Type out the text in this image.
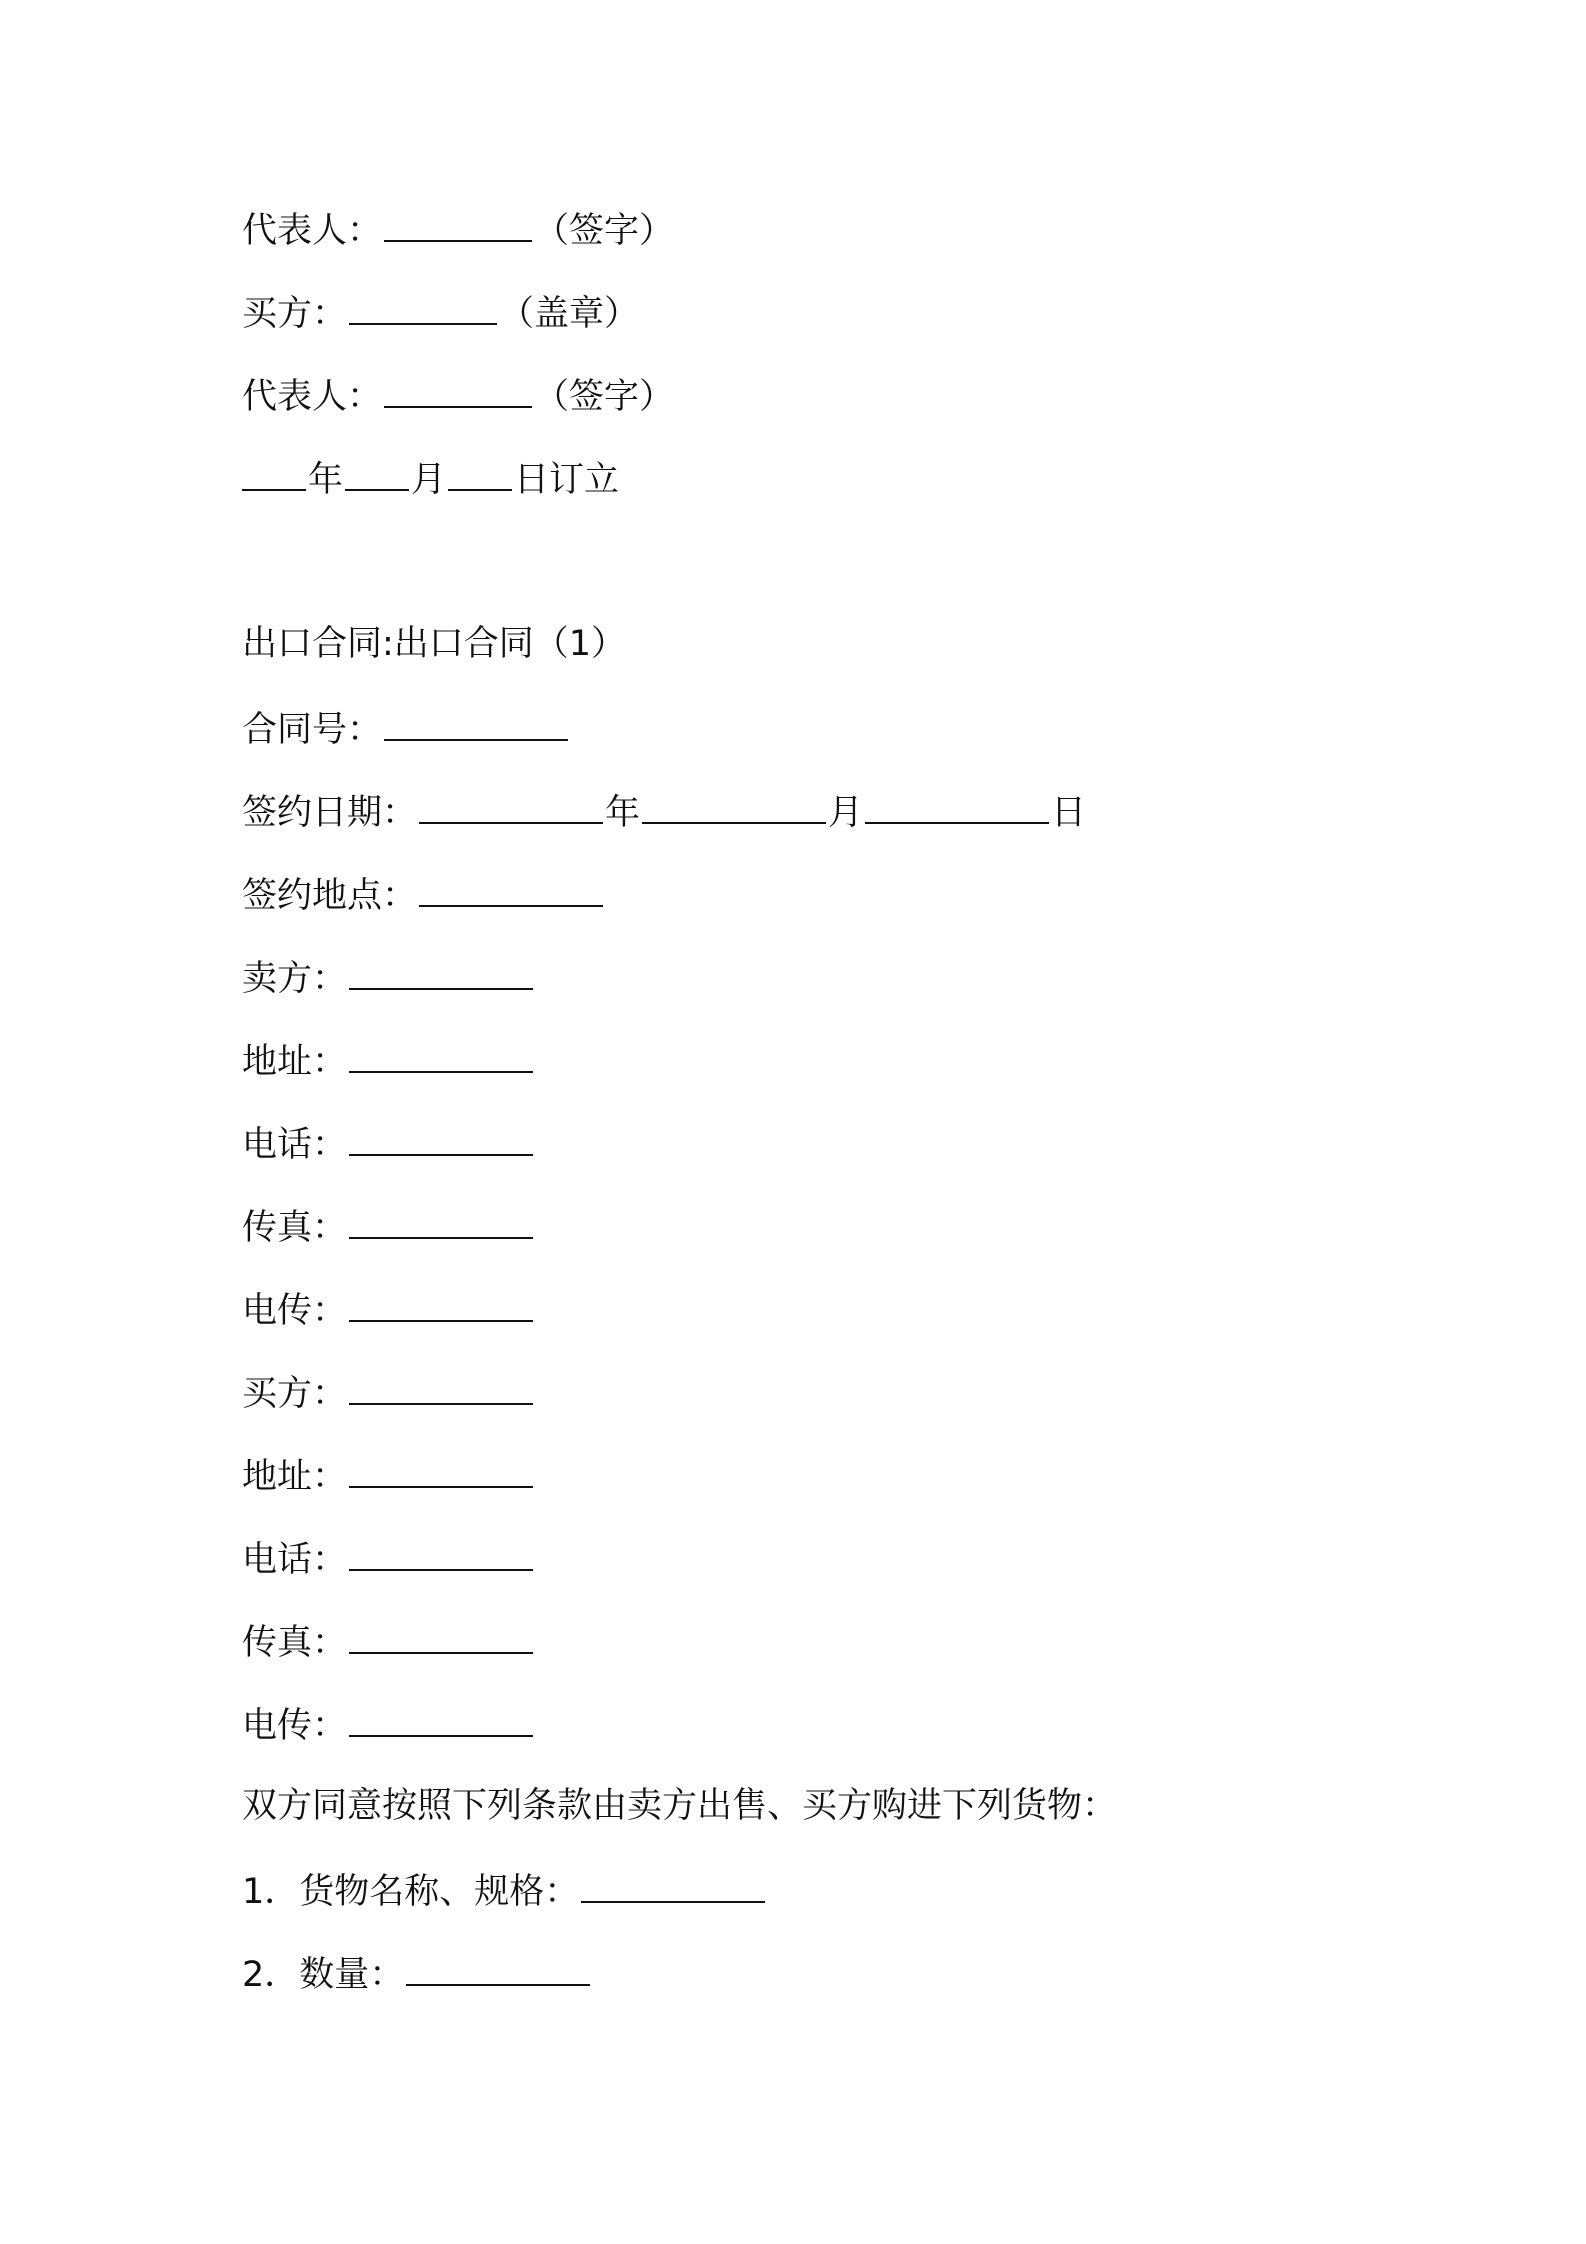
代表人：	（签字）
买方：	（盖章）
代表人：	（签字）
年 月 日订立
出口合同:出口合同（1）
合同号：
签约日期：	年	月	日
签约地点：
卖方：
地址：
电话：
传真：
电传：
买方：
地址：
电话：
传真：
电传：
双方同意按照下列条款由卖方出售、买方购进下列货物：
1．货物名称、规格：
2．数量：
